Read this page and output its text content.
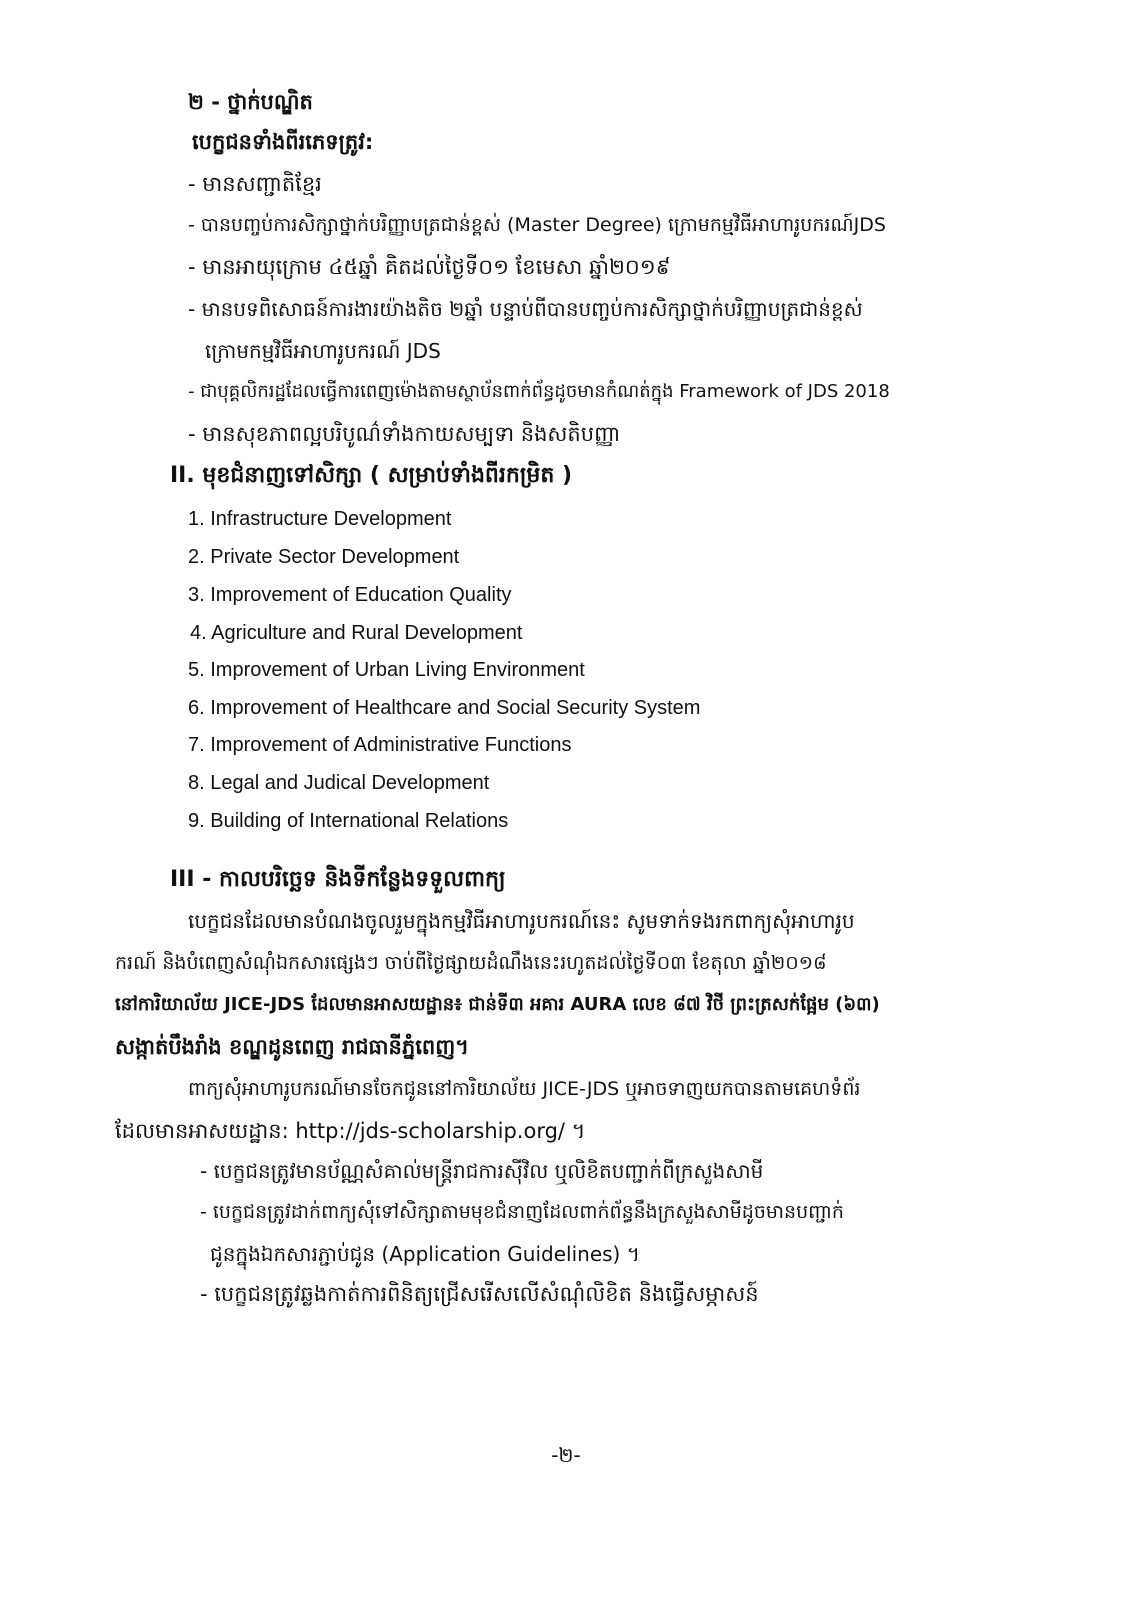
២ - ថ្នាក់បណ្ឌិត
បេក្ខជនទាំងពីរភេទត្រូវ:
- មានសញ្ជាតិខ្មែរ
- បានបញ្ចប់ការសិក្សាថ្នាក់បរិញ្ញាបត្រជាន់ខ្ពស់ (Master Degree) ក្រោមកម្មវិធីអាហារូបករណ៍JDS
- មានអាយុក្រោម ៤៥ឆ្នាំ គិតដល់ថ្ងៃទី០១ ខែមេសា ឆ្នាំ២០១៩
- មានបទពិសោធន៍ការងារយ៉ាងតិច ២ឆ្នាំ បន្ទាប់ពីបានបញ្ចប់ការសិក្សាថ្នាក់បរិញ្ញាបត្រជាន់ខ្ពស់
ក្រោមកម្មវិធីអាហារូបករណ៍ JDS
- ជាបុគ្គលិករដ្ឋដែលធ្វើការពេញម៉ោងតាមស្ថាប័នពាក់ព័ន្ធដូចមានកំណត់ក្នុង Framework of JDS 2018
- មានសុខភាពល្អបរិបូណ៌ទាំងកាយសម្បទា និងសតិបញ្ញា
II. មុខជំនាញទៅសិក្សា ( សម្រាប់ទាំងពីរកម្រិត )
1. Infrastructure Development
2. Private Sector Development
3. Improvement of Education Quality
4. Agriculture and Rural Development
5. Improvement of Urban Living Environment
6. Improvement of Healthcare and Social Security System
7. Improvement of Administrative Functions
8. Legal and Judical Development
9. Building of International Relations
III - កាលបរិច្ឆេទ និងទីកន្លែងទទួលពាក្យ
បេក្ខជនដែលមានបំណងចូលរួមក្នុងកម្មវិធីអាហារូបករណ៍នេះ សូមទាក់ទងរកពាក្យសុំអាហារូប
ករណ៍ និងបំពេញសំណុំឯកសារផ្សេងៗ ចាប់ពីថ្ងៃផ្សាយដំណឹងនេះរហូតដល់ថ្ងៃទី០៣ ខែតុលា ឆ្នាំ២០១៨
នៅការិយាល័យ JICE-JDS ដែលមានអាសយដ្ឋាន៖ ជាន់ទី៣ អគារ AURA លេខ ៨៧ វិថី ព្រះត្រសក់ផ្អែម (៦៣)
សង្កាត់បឹងរាំង ខណ្ឌដូនពេញ រាជធានីភ្នំពេញ។
ពាក្យសុំអាហារូបករណ៍មានចែកជូននៅការិយាល័យ JICE-JDS ឬអាចទាញយកបានតាមគេហទំព័រ
ដែលមានអាសយដ្ឋាន: http://jds-scholarship.org/ ។
- បេក្ខជនត្រូវមានប័ណ្ណសំគាល់មន្ត្រីរាជការស៊ីវិល ឬលិខិតបញ្ជាក់ពីក្រសួងសាមី
- បេក្ខជនត្រូវដាក់ពាក្យសុំទៅសិក្សាតាមមុខជំនាញដែលពាក់ព័ន្ធនឹងក្រសួងសាមីដូចមានបញ្ជាក់
ជូនក្នុងឯកសារភ្ជាប់ជូន (Application Guidelines) ។
- បេក្ខជនត្រូវឆ្លងកាត់ការពិនិត្យជ្រើសរើសលើសំណុំលិខិត និងធ្វើសម្ភាសន៍
-២-
